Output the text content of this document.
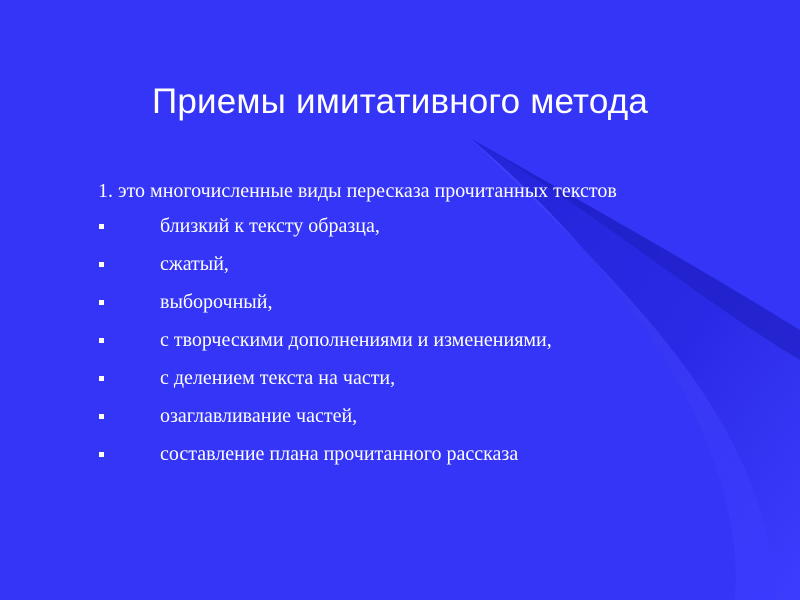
Приемы имитативного метода

1. это многочисленные виды пересказа прочитанных текстов

близкий к тексту образца,
сжатый,
выборочный,
с творческими дополнениями и изменениями,
с делением текста на части,
озаглавливание частей,
составление плана прочитанного рассказа
